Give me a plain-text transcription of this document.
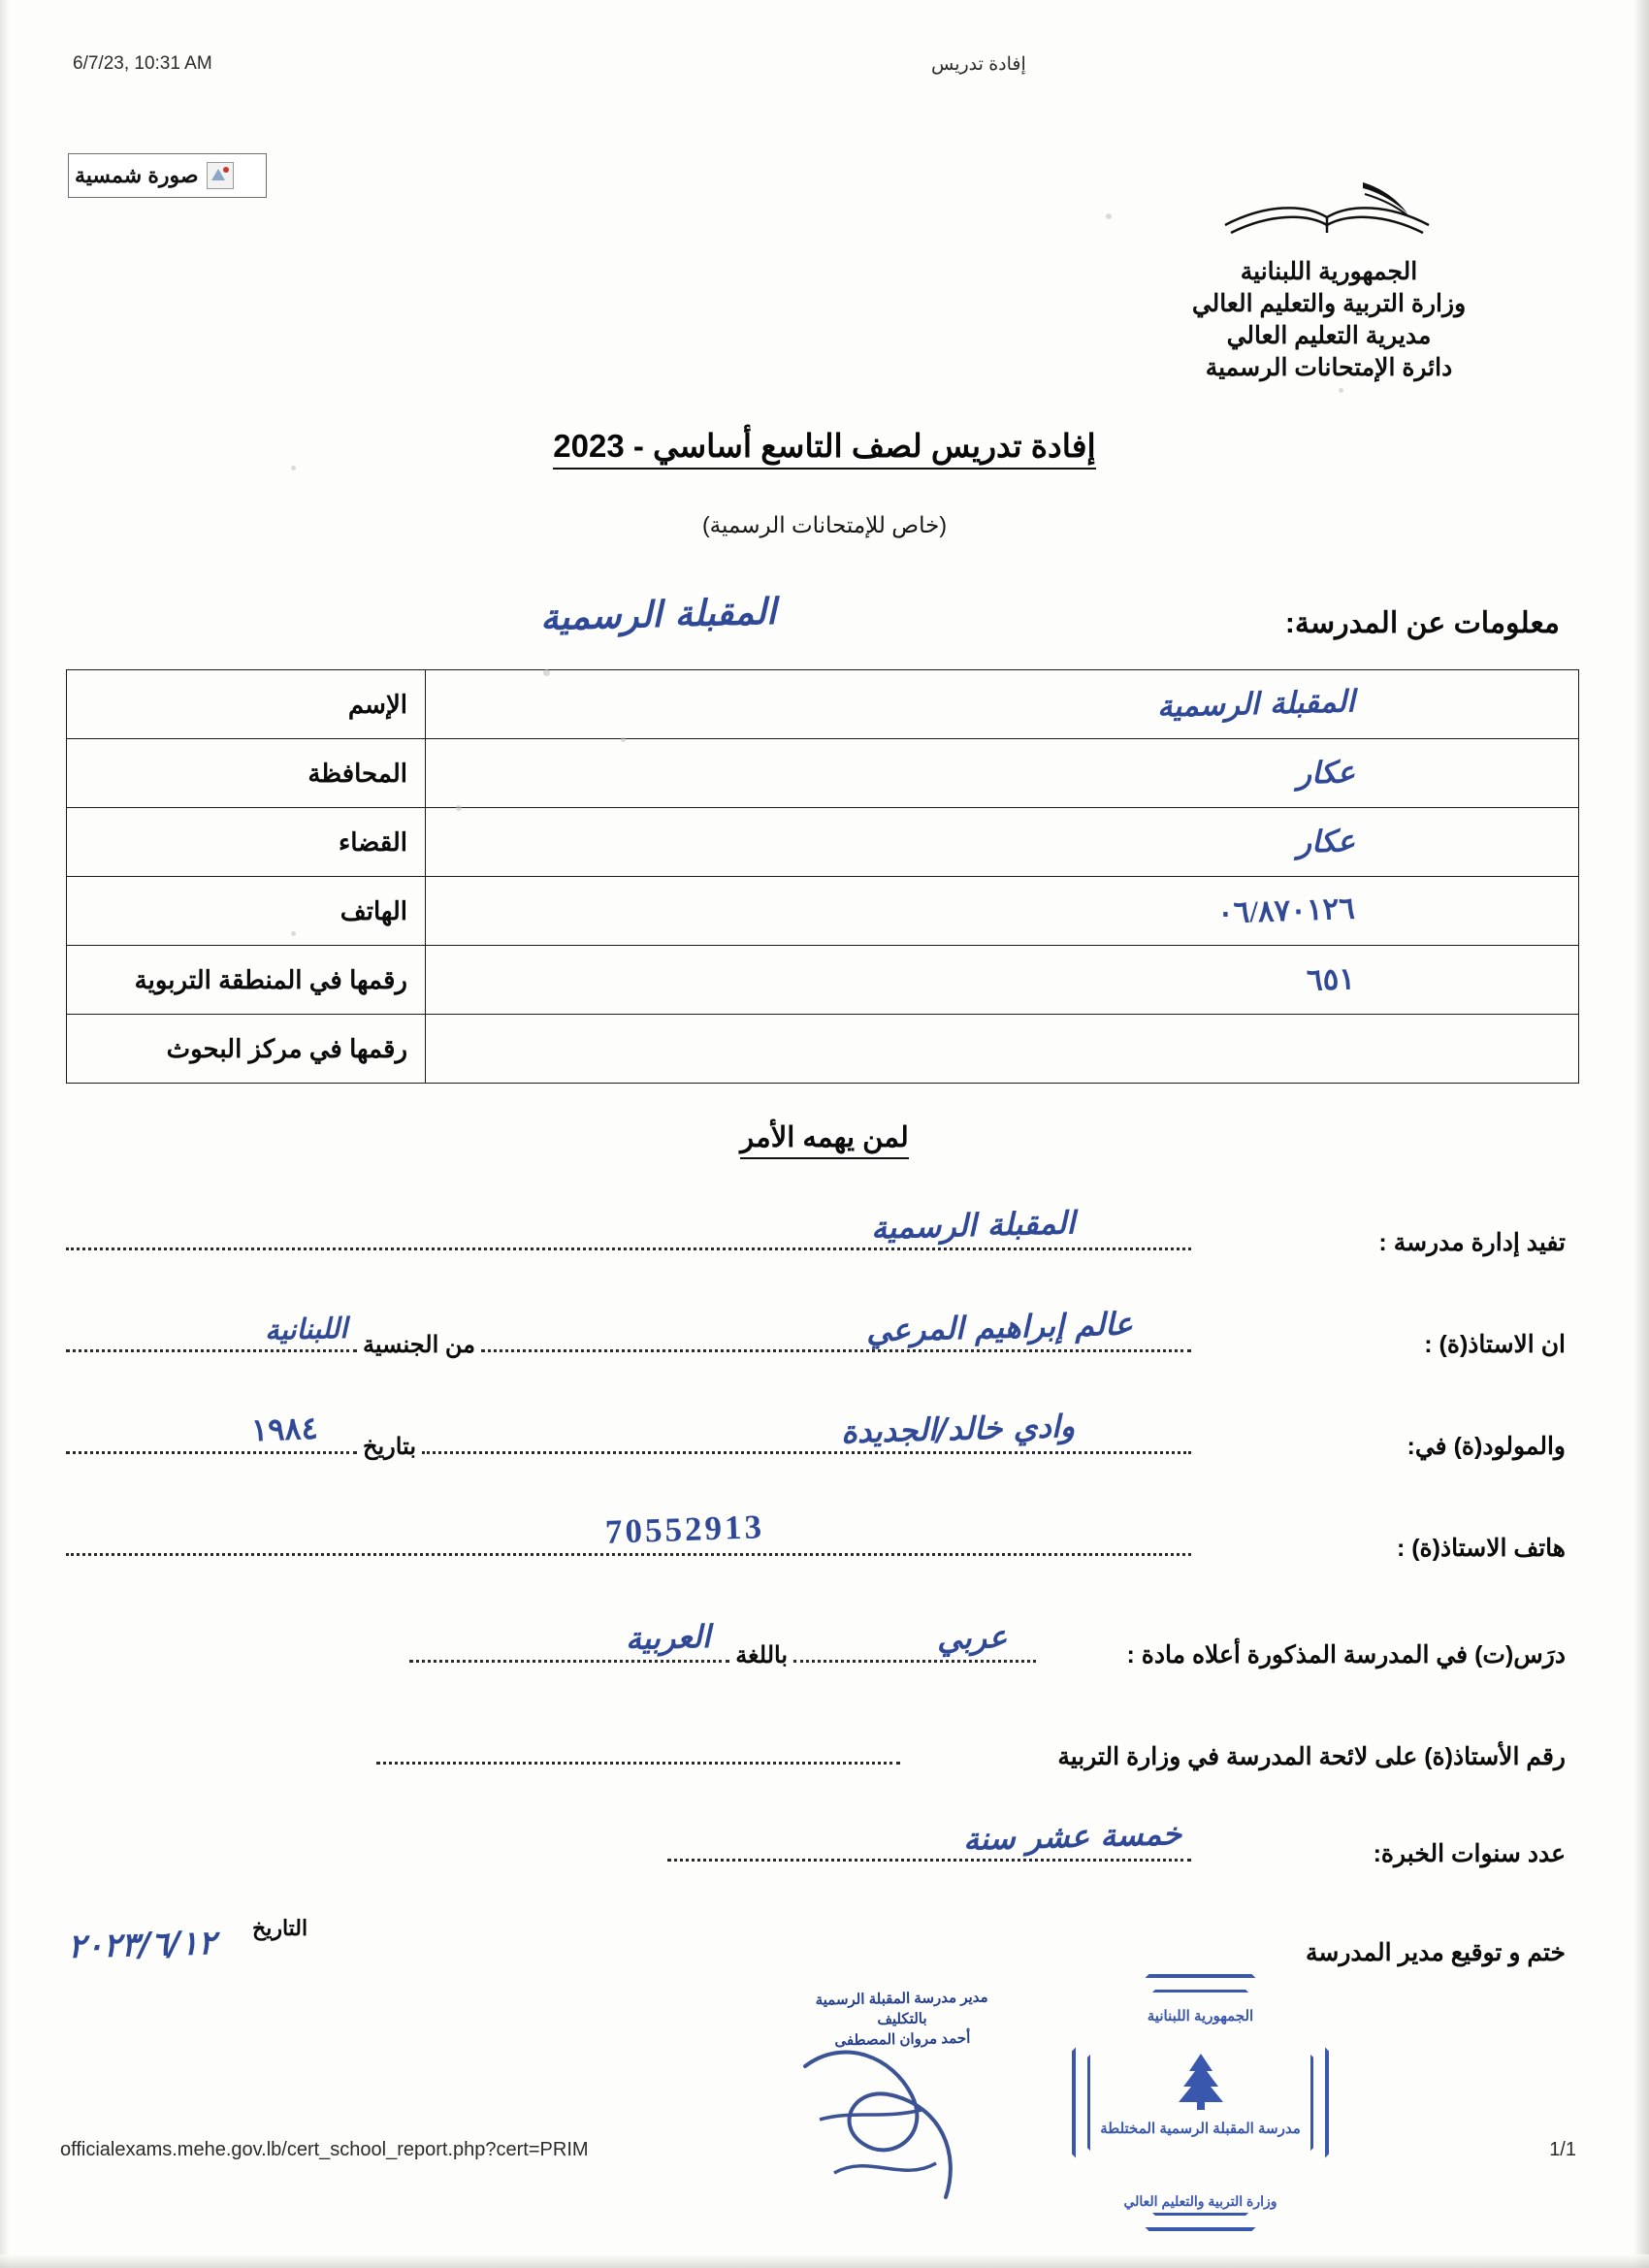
6/7/23, 10:31 AM	إفادة تدريس
صورة شمسية
الجمهورية اللبنانية
وزارة التربية والتعليم العالي
مديرية التعليم العالي
دائرة الإمتحانات الرسمية
إفادة تدريس لصف التاسع أساسي - 2023
(خاص للإمتحانات الرسمية)
معلومات عن المدرسة:
المقبلة الرسمية
المقبلة الرسمية	الإسم
عكار	المحافظة
عكار	القضاء
٠٦/٨٧٠١٢٦	الهاتف
٦٥١	رقمها في المنطقة التربوية
	رقمها في مركز البحوث
لمن يهمه الأمر
تفيد إدارة مدرسة :
المقبلة الرسمية
ان الاستاذ(ة) :
عالم إبراهيم المرعي
من الجنسية
اللبنانية
والمولود(ة) في:
وادي خالد/الجديدة
بتاريخ
١٩٨٤
هاتف الاستاذ(ة) :
70552913
درَس(ت) في المدرسة المذكورة أعلاه مادة :
عربي
باللغة
العربية
رقم الأستاذ(ة) على لائحة المدرسة في وزارة التربية
عدد سنوات الخبرة:
خمسة عشر سنة
ختم و توقيع مدير المدرسة
التاريخ
٢٠٢٣/٦/١٢
مدير مدرسة المقبلة الرسمية
بالتكليف
أحمد مروان المصطفى
الجمهورية اللبنانية
مدرسة المقبلة الرسمية المختلطة
وزارة التربية والتعليم العالي
officialexams.mehe.gov.lb/cert_school_report.php?cert=PRIM	1/1
